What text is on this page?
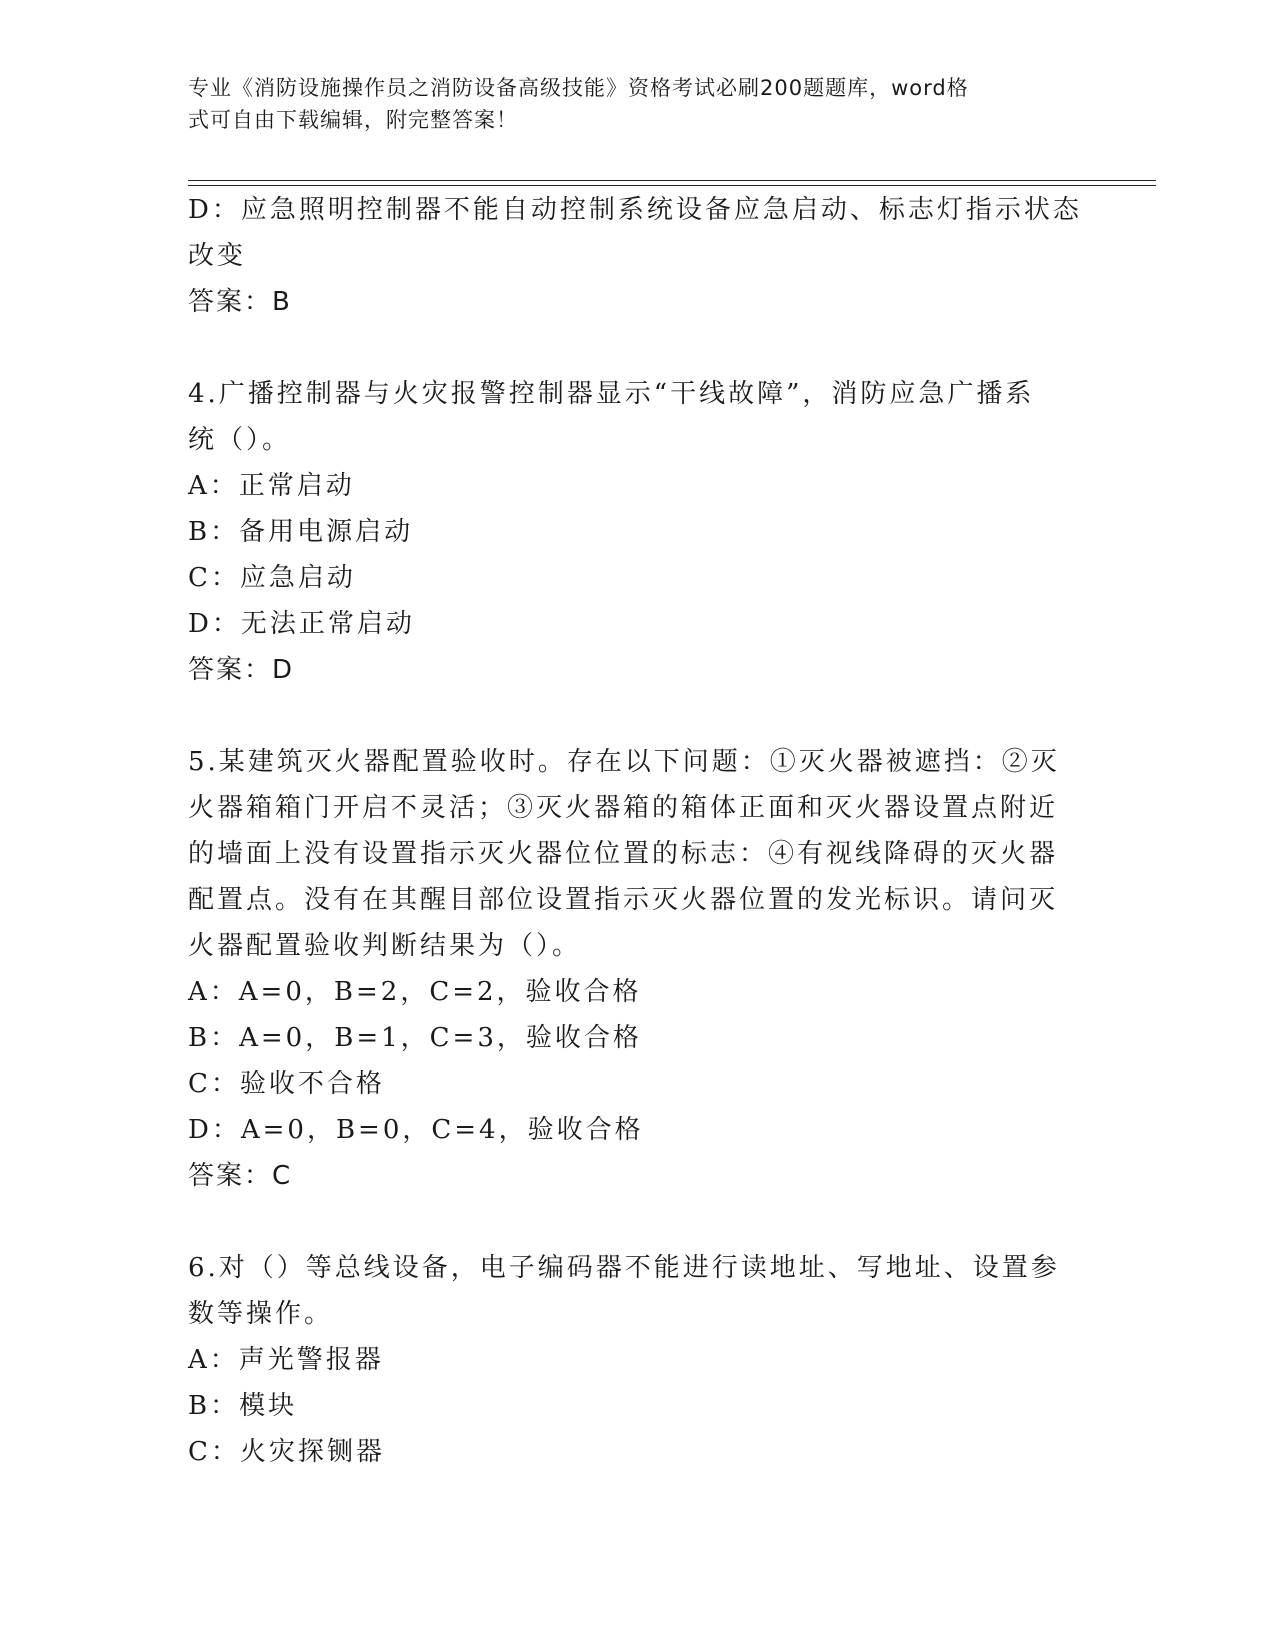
专业《消防设施操作员之消防设备高级技能》资格考试必刷200题题库，word格
式可自由下载编辑，附完整答案！

D：应急照明控制器不能自动控制系统设备应急启动、标志灯指示状态

改变

答案：B

4.广播控制器与火灾报警控制器显示“干线故障”，消防应急广播系

统（）。

A：正常启动

B：备用电源启动

C：应急启动

D：无法正常启动

答案：D

5.某建筑灭火器配置验收时。存在以下问题：①灭火器被遮挡：②灭

火器箱箱门开启不灵活；③灭火器箱的箱体正面和灭火器设置点附近

的墙面上没有设置指示灭火器位位置的标志：④有视线降碍的灭火器

配置点。没有在其醒目部位设置指示灭火器位置的发光标识。请问灭

火器配置验收判断结果为（）。

A：A=0，B=2，C=2，验收合格

B：A=0，B=1，C=3，验收合格

C：验收不合格

D：A=0，B=0，C=4，验收合格

答案：C

6.对（）等总线设备，电子编码器不能进行读地址、写地址、设置参

数等操作。

A：声光警报器

B：模块

C：火灾探铡器
